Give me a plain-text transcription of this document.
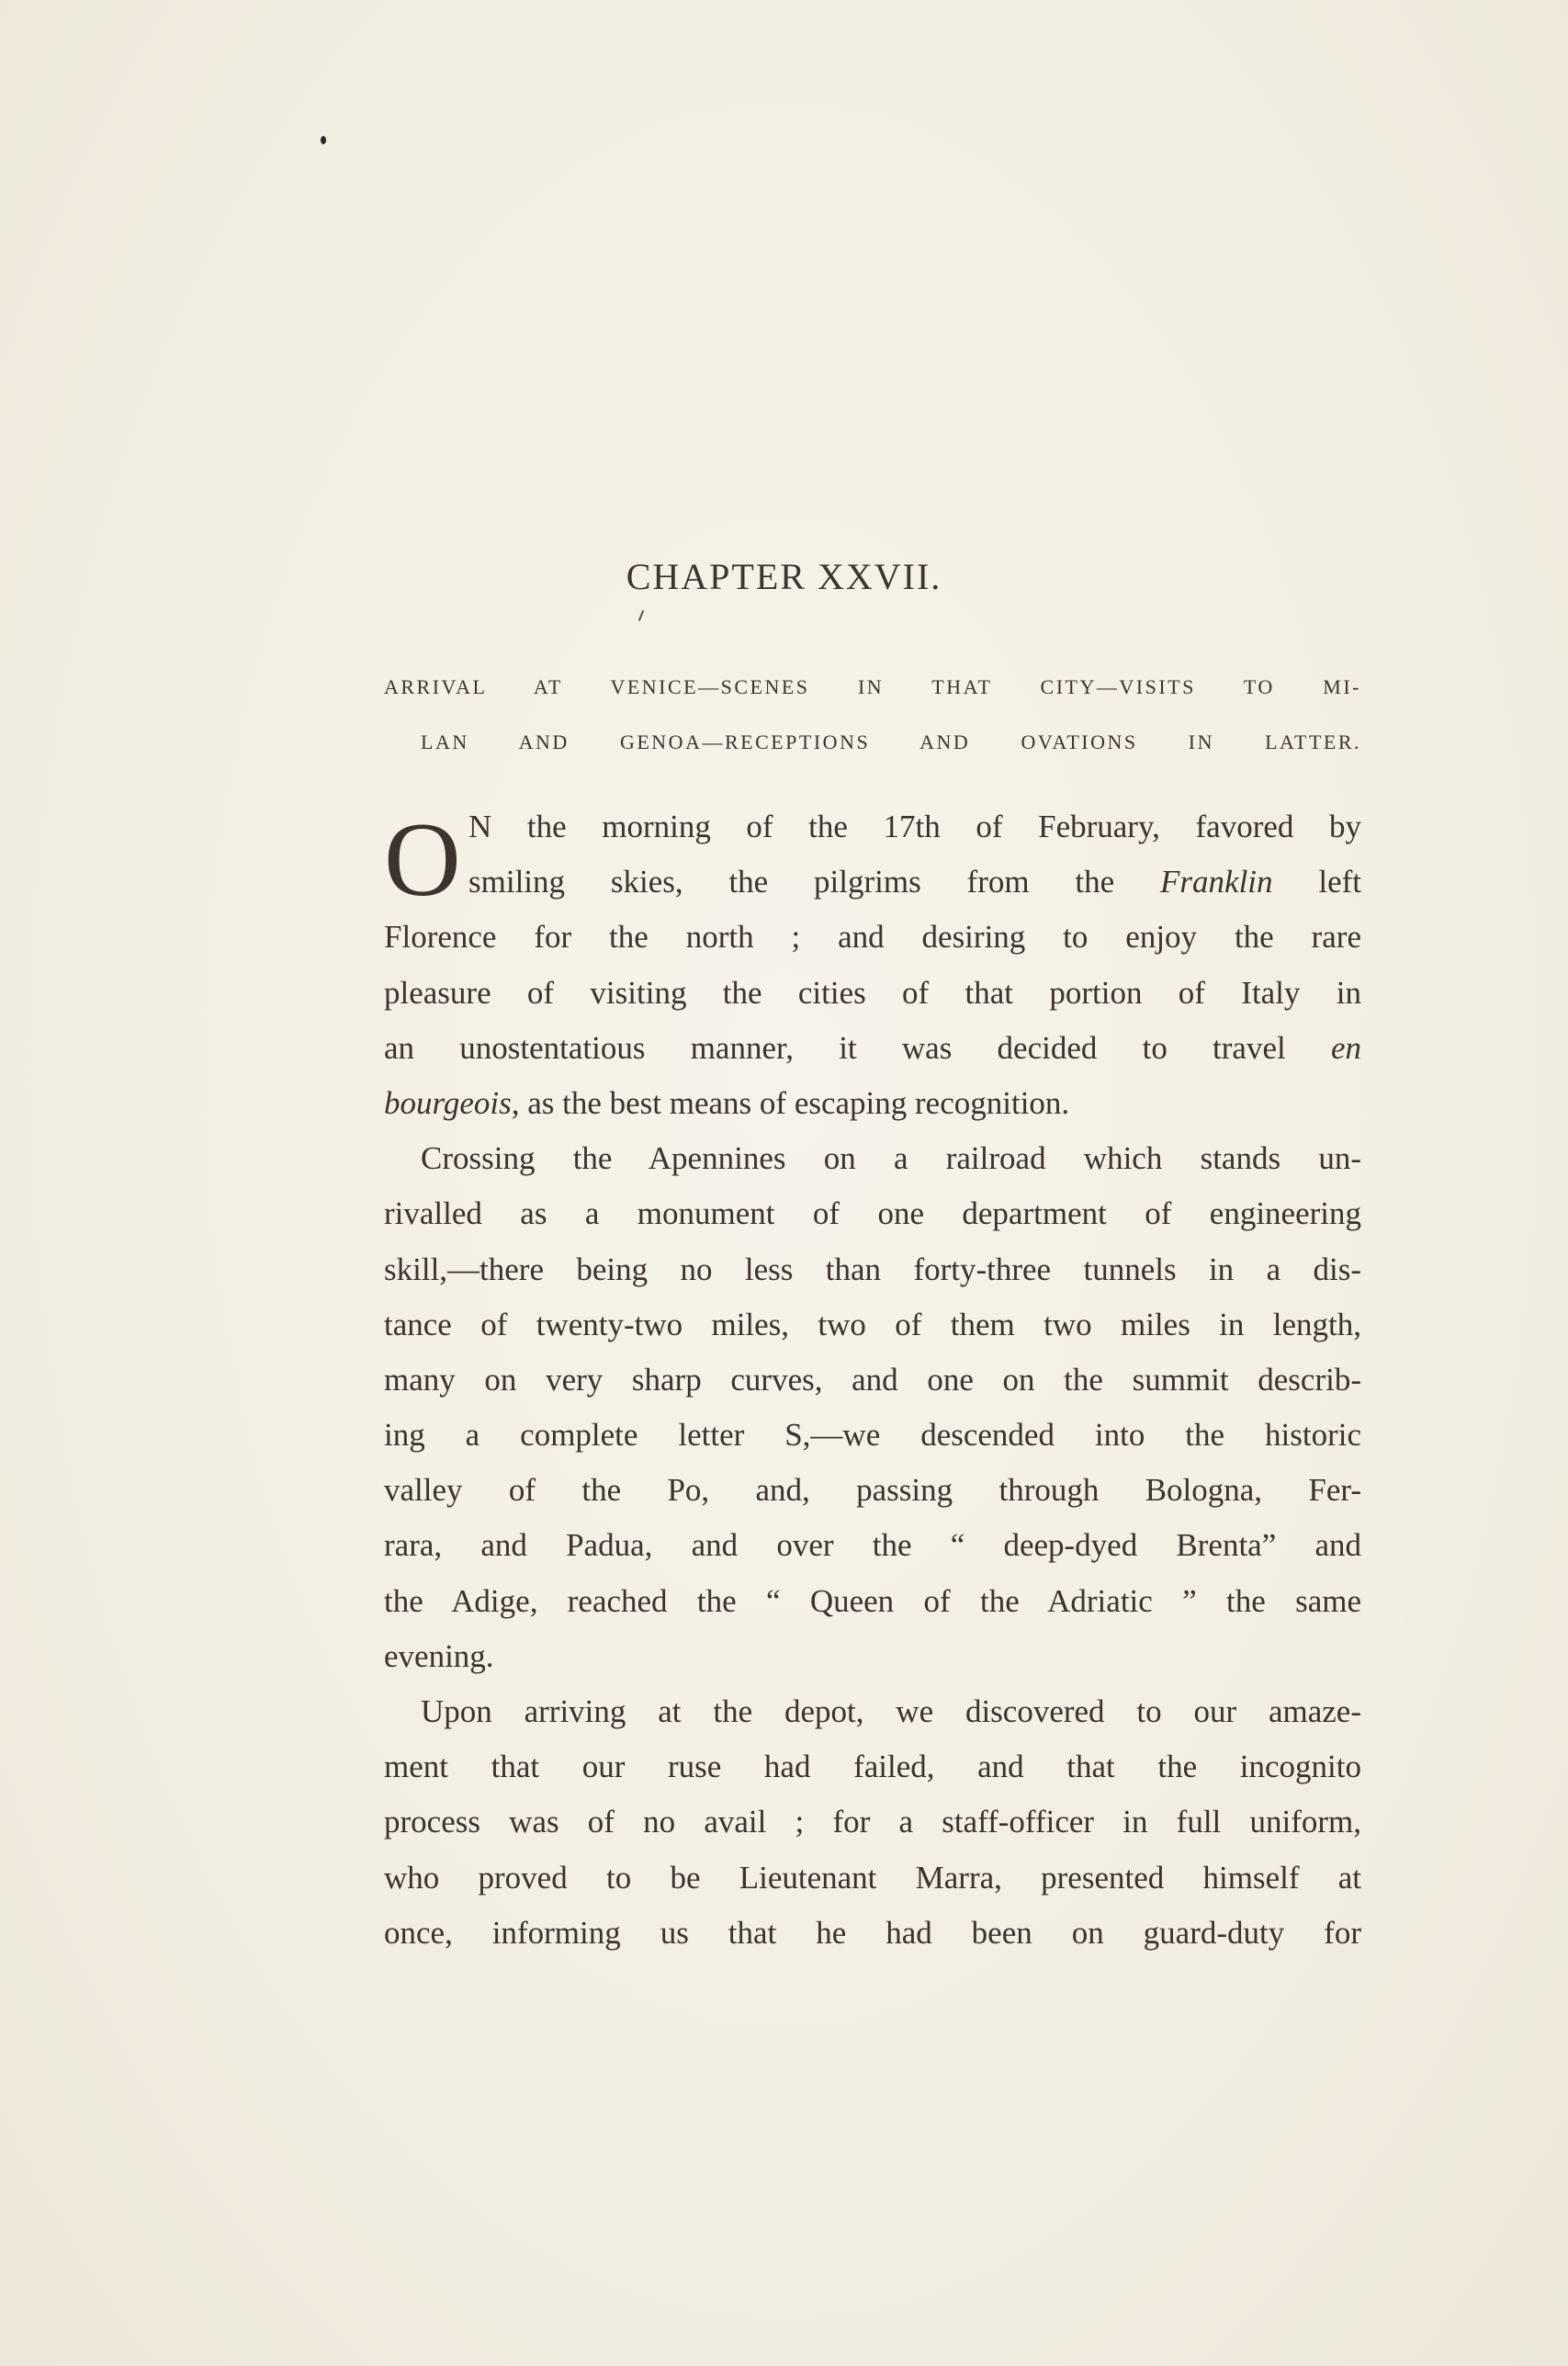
CHAPTER XXVII.
ARRIVAL AT VENICE—SCENES IN THAT CITY—VISITS TO MI-
LAN AND GENOA—RECEPTIONS AND OVATIONS IN LATTER.
O N the morning of the 17th of February, favored by
smiling skies, the pilgrims from the Franklin left
Florence for the north ; and desiring to enjoy the rare
pleasure of visiting the cities of that portion of Italy in
an unostentatious manner, it was decided to travel en
bourgeois, as the best means of escaping recognition.
Crossing the Apennines on a railroad which stands un-
rivalled as a monument of one department of engineering
skill,—there being no less than forty-three tunnels in a dis-
tance of twenty-two miles, two of them two miles in length,
many on very sharp curves, and one on the summit describ-
ing a complete letter S,—we descended into the historic
valley of the Po, and, passing through Bologna, Fer-
rara, and Padua, and over the “ deep-dyed Brenta” and
the Adige, reached the “ Queen of the Adriatic ” the same
evening.
Upon arriving at the depot, we discovered to our amaze-
ment that our ruse had failed, and that the incognito
process was of no avail ; for a staff-officer in full uniform,
who proved to be Lieutenant Marra, presented himself at
once, informing us that he had been on guard-duty for
